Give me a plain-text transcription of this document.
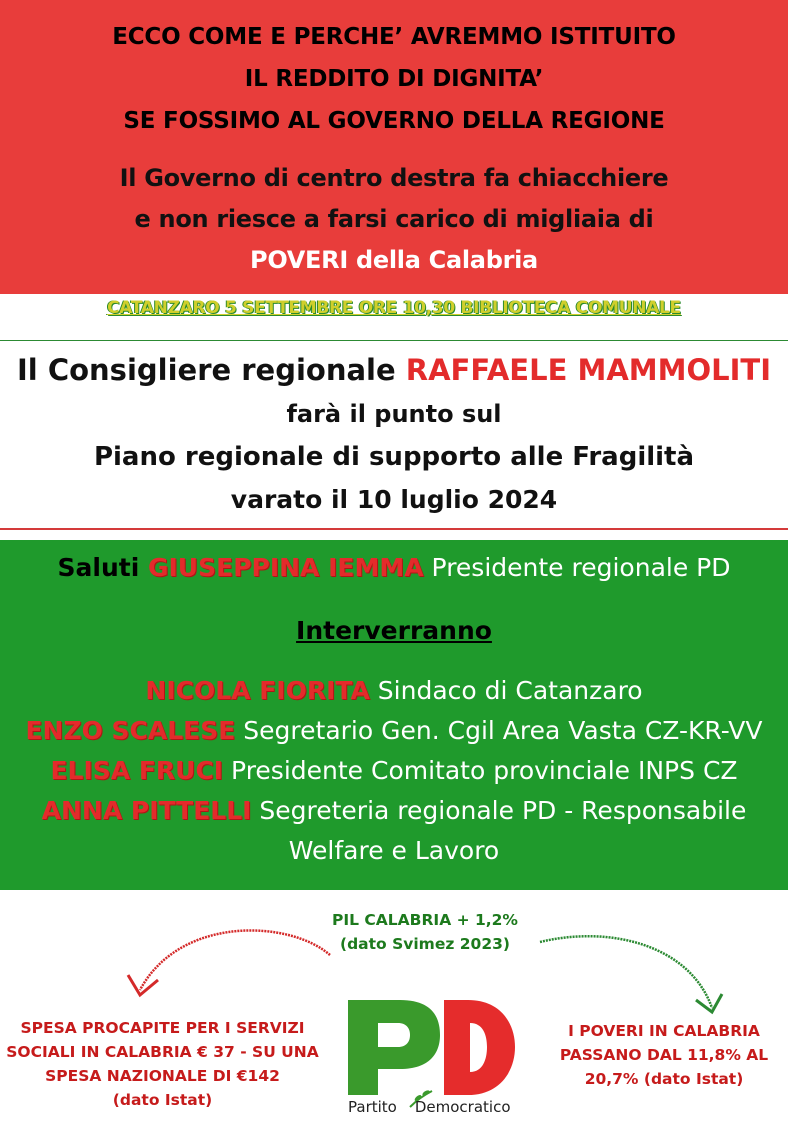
ECCO COME E PERCHE’ AVREMMO ISTITUITO
IL REDDITO DI DIGNITA’
SE FOSSIMO AL GOVERNO DELLA REGIONE
Il Governo di centro destra fa chiacchiere
e non riesce a farsi carico di migliaia di
POVERI della Calabria
CATANZARO 5 SETTEMBRE ORE 10,30 BIBLIOTECA COMUNALE
Il Consigliere regionale RAFFAELE MAMMOLITI
farà il punto sul
Piano regionale di supporto alle Fragilità
varato il 10 luglio 2024
Saluti GIUSEPPINA IEMMA Presidente regionale PD
Interverranno
NICOLA FIORITA Sindaco di Catanzaro
ENZO SCALESE Segretario Gen. Cgil Area Vasta CZ-KR-VV
ELISA FRUCI Presidente Comitato provinciale INPS CZ
ANNA PITTELLI Segreteria regionale PD - Responsabile
Welfare e Lavoro
PIL CALABRIA + 1,2%
(dato Svimez 2023)
SPESA PROCAPITE PER I SERVIZI
SOCIALI IN CALABRIA € 37 - SU UNA
SPESA NAZIONALE DI €142
(dato Istat)
I POVERI IN CALABRIA
PASSANO DAL 11,8% AL
20,7% (dato Istat)
Partito Democratico
